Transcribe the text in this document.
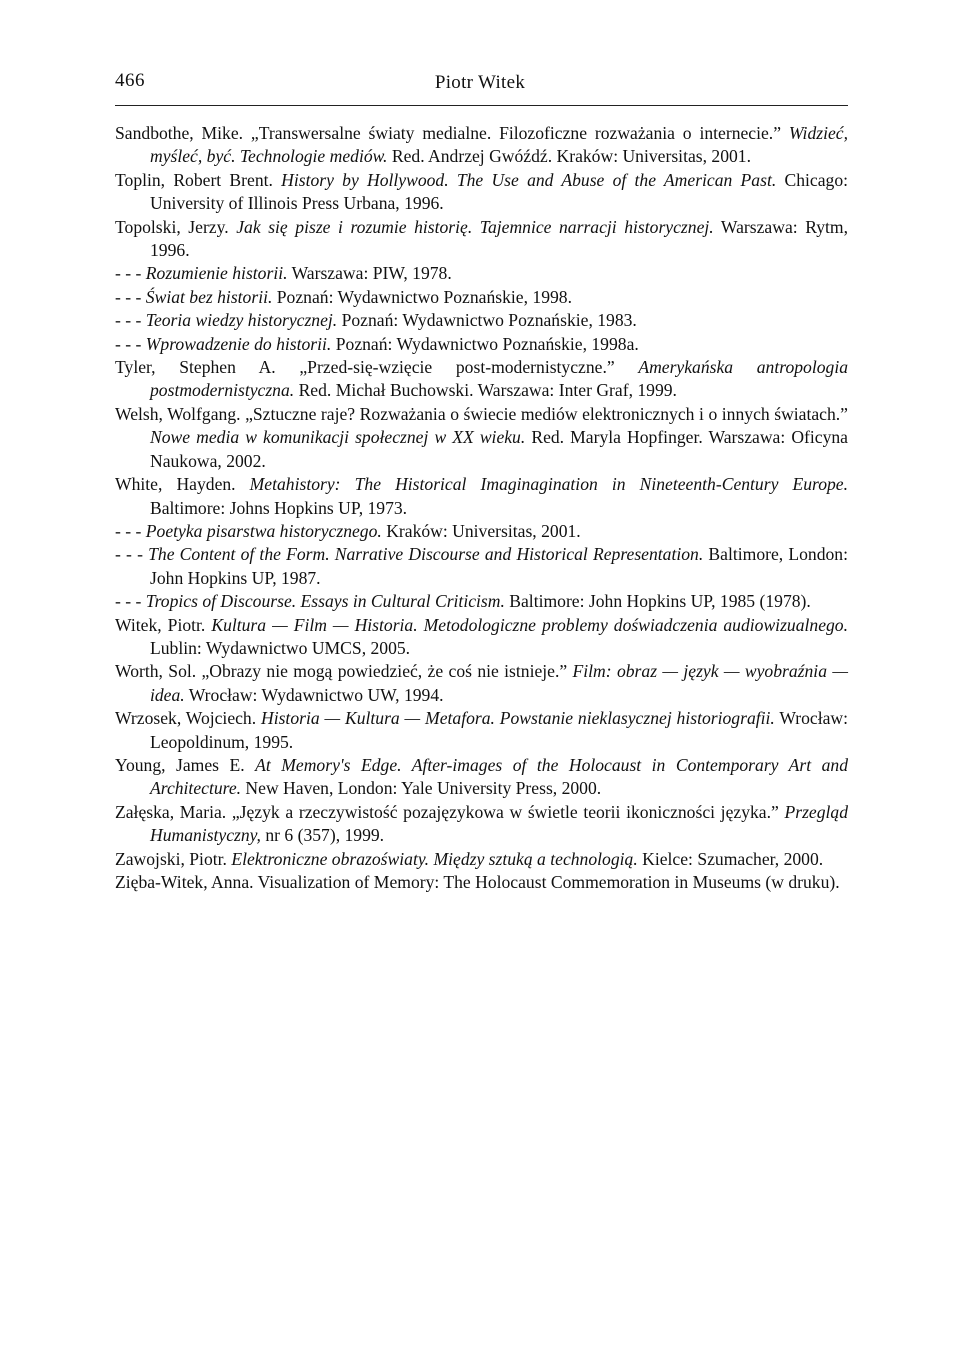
466	Piotr Witek

Sandbothe, Mike. „Transwersalne światy medialne. Filozoficzne rozważania o internecie.” Widzieć, myśleć, być. Technologie mediów. Red. Andrzej Gwóźdź. Kraków: Universitas, 2001.

Toplin, Robert Brent. History by Hollywood. The Use and Abuse of the American Past. Chicago: University of Illinois Press Urbana, 1996.

Topolski, Jerzy. Jak się pisze i rozumie historię. Tajemnice narracji historycznej. Warszawa: Rytm, 1996.

- - - Rozumienie historii. Warszawa: PIW, 1978.

- - - Świat bez historii. Poznań: Wydawnictwo Poznańskie, 1998.

- - - Teoria wiedzy historycznej. Poznań: Wydawnictwo Poznańskie, 1983.

- - - Wprowadzenie do historii. Poznań: Wydawnictwo Poznańskie, 1998a.

Tyler, Stephen A. „Przed-się-wzięcie post-modernistyczne.” Amerykańska antropologia postmodernistyczna. Red. Michał Buchowski. Warszawa: Inter Graf, 1999.

Welsh, Wolfgang. „Sztuczne raje? Rozważania o świecie mediów elektronicznych i o innych światach.” Nowe media w komunikacji społecznej w XX wieku. Red. Maryla Hopfinger. Warszawa: Oficyna Naukowa, 2002.

White, Hayden. Metahistory: The Historical Imaginagination in Nineteenth-Century Europe. Baltimore: Johns Hopkins UP, 1973.

- - - Poetyka pisarstwa historycznego. Kraków: Universitas, 2001.

- - - The Content of the Form. Narrative Discourse and Historical Representation. Baltimore, London: John Hopkins UP, 1987.

- - - Tropics of Discourse. Essays in Cultural Criticism. Baltimore: John Hopkins UP, 1985 (1978).

Witek, Piotr. Kultura — Film — Historia. Metodologiczne problemy doświadczenia audiowizualnego. Lublin: Wydawnictwo UMCS, 2005.

Worth, Sol. „Obrazy nie mogą powiedzieć, że coś nie istnieje.” Film: obraz — język — wyobraźnia — idea. Wrocław: Wydawnictwo UW, 1994.

Wrzosek, Wojciech. Historia — Kultura — Metafora. Powstanie nieklasycznej historiografii. Wrocław: Leopoldinum, 1995.

Young, James E. At Memory's Edge. After-images of the Holocaust in Contemporary Art and Architecture. New Haven, London: Yale University Press, 2000.

Załęska, Maria. „Język a rzeczywistość pozajęzykowa w świetle teorii ikoniczności języka.” Przegląd Humanistyczny, nr 6 (357), 1999.

Zawojski, Piotr. Elektroniczne obrazoświaty. Między sztuką a technologią. Kielce: Szumacher, 2000.

Zięba-Witek, Anna. Visualization of Memory: The Holocaust Commemoration in Museums (w druku).
